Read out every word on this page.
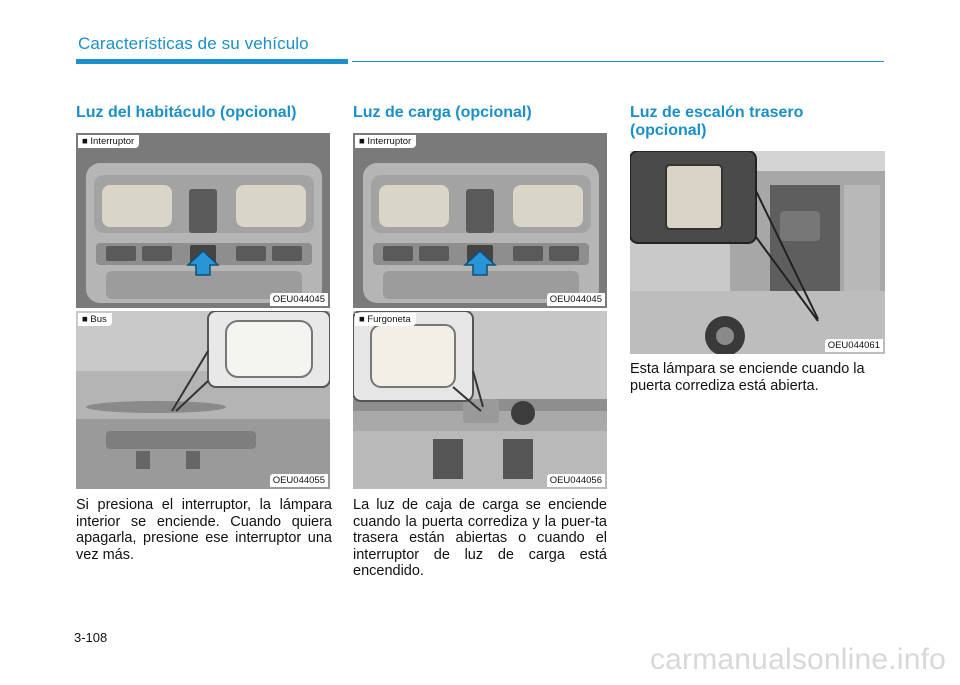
Características de su vehículo
Luz del habitáculo (opcional)
■ Interruptor
OEU044045
■ Bus
OEU044055
Si presiona el interruptor, la lámpara interior se enciende. Cuando quiera apagarla, presione ese interruptor una vez más.
Luz de carga (opcional)
■ Interruptor
OEU044045
■ Furgoneta
OEU044056
La luz de caja de carga se enciende cuando la puerta corrediza y la puer-ta trasera están abiertas o cuando el interruptor de luz de carga está encendido.
Luz de escalón trasero
(opcional)
OEU044061
Esta lámpara se enciende cuando la puerta corrediza está abierta.
3-108
carmanualsonline.info
